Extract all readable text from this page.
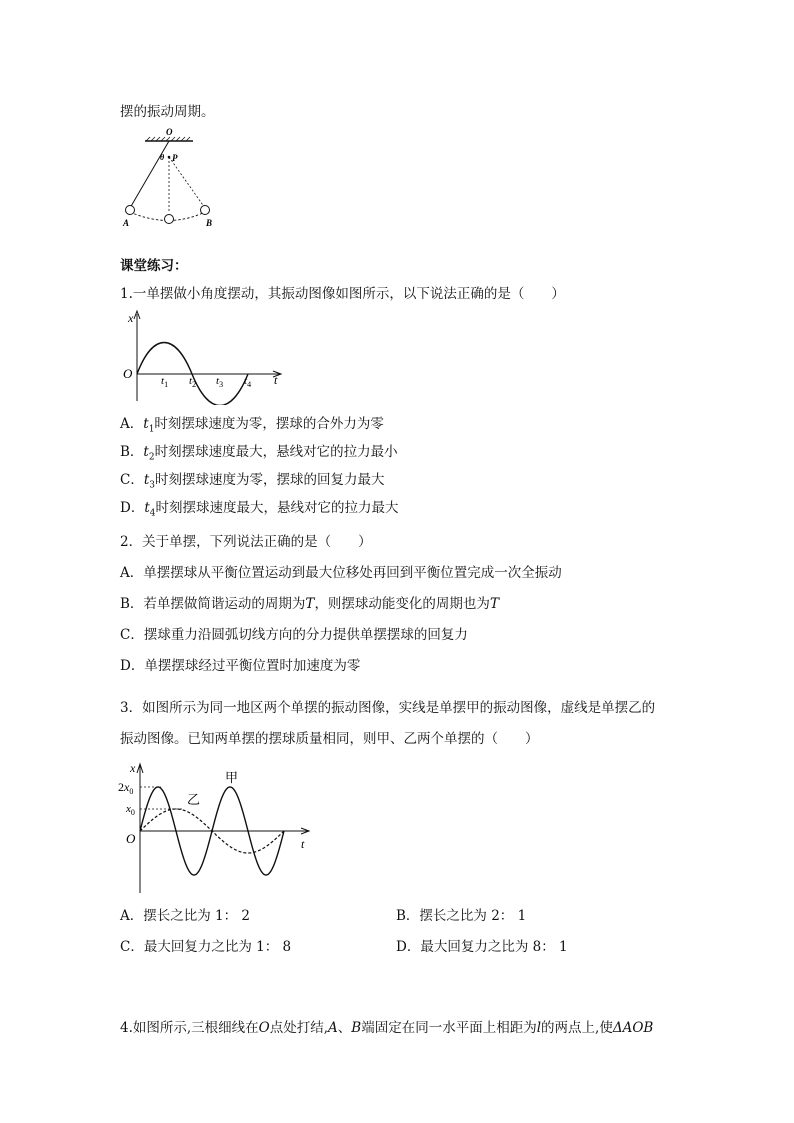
摆的振动周期。
O
θ P
A	B
课堂练习：
1.一单摆做小角度摆动，其振动图像如图所示，以下说法正确的是（　　）
x
t
O	$t_1$ $t_2$ $t_3$ $t_4$
A．$t_1$时刻摆球速度为零，摆球的合外力为零
B．$t_2$时刻摆球速度最大，悬线对它的拉力最小
C．$t_3$时刻摆球速度为零，摆球的回复力最大
D．$t_4$时刻摆球速度最大，悬线对它的拉力最大
2．关于单摆，下列说法正确的是（　　）
A．单摆摆球从平衡位置运动到最大位移处再回到平衡位置完成一次全振动
B．若单摆做简谐运动的周期为T，则摆球动能变化的周期也为T
C．摆球重力沿圆弧切线方向的分力提供单摆摆球的回复力
D．单摆摆球经过平衡位置时加速度为零
3．如图所示为同一地区两个单摆的振动图像，实线是单摆甲的振动图像，虚线是单摆乙的
振动图像。已知两单摆的摆球质量相同，则甲、乙两个单摆的（　　）
x
t
O
$2x_0$
$x_0$
甲
乙
A．摆长之比为 1： 2	B．摆长之比为 2： 1
C．最大回复力之比为 1： 8	D．最大回复力之比为 8： 1
4.如图所示,三根细线在O点处打结,A、B端固定在同一水平面上相距为l的两点上,使ΔAOB
